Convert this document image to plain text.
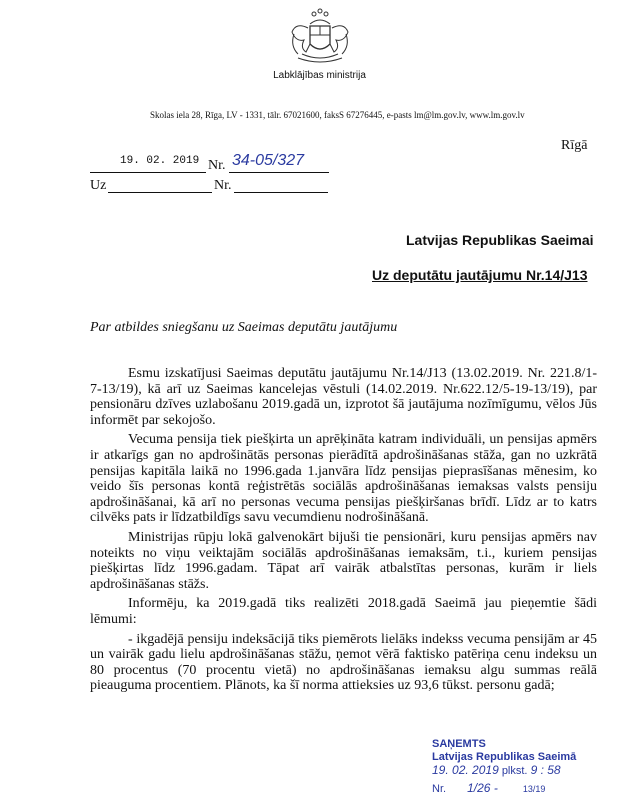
Labklājības ministrija
Skolas iela 28, Rīga, LV - 1331, tālr. 67021600, faksS 67276445, e-pasts lm@lm.gov.lv, www.lm.gov.lv
Rīgā
19. 02. 2019 Nr. 34-05/327
Uz	Nr.
Latvijas Republikas Saeimai
Uz deputātu jautājumu Nr.14/J13
Par atbildes sniegšanu uz Saeimas deputātu jautājumu

Esmu izskatījusi Saeimas deputātu jautājumu Nr.14/J13 (13.02.2019. Nr. 221.8/1-7-13/19), kā arī uz Saeimas kancelejas vēstuli (14.02.2019. Nr.622.12/5-19-13/19), par pensionāru dzīves uzlabošanu 2019.gadā un, izprotot šā jautājuma nozīmīgumu, vēlos Jūs informēt par sekojošo.

Vecuma pensija tiek piešķirta un aprēķināta katram individuāli, un pensijas apmērs ir atkarīgs gan no apdrošinātās personas pierādītā apdrošināšanas stāža, gan no uzkrātā pensijas kapitāla laikā no 1996.gada 1.janvāra līdz pensijas pieprasīšanas mēnesim, ko veido šīs personas kontā reģistrētās sociālās apdrošināšanas iemaksas valsts pensiju apdrošināšanai, kā arī no personas vecuma pensijas piešķiršanas brīdī. Līdz ar to katrs cilvēks pats ir līdzatbildīgs savu vecumdienu nodrošināšanā.

Ministrijas rūpju lokā galvenokārt bijuši tie pensionāri, kuru pensijas apmērs nav noteikts no viņu veiktajām sociālās apdrošināšanas iemaksām, t.i., kuriem pensijas piešķirtas līdz 1996.gadam. Tāpat arī vairāk atbalstītas personas, kurām ir liels apdrošināšanas stāžs.

Informēju, ka 2019.gadā tiks realizēti 2018.gadā Saeimā jau pieņemtie šādi lēmumi:

- ikgadējā pensiju indeksācijā tiks piemērots lielāks indekss vecuma pensijām ar 45 un vairāk gadu lielu apdrošināšanas stāžu, ņemot vērā faktisko patēriņa cenu indeksu un 80 procentus (70 procentu vietā) no apdrošināšanas iemaksu algu summas reālā pieauguma procentiem. Plānots, ka šī norma attieksies uz 93,6 tūkst. personu gadā;

SAŅEMTS
Latvijas Republikas Saeimā
19. 02. 2019 plkst. 9 : 58
Nr. 1/26 -	13/19
